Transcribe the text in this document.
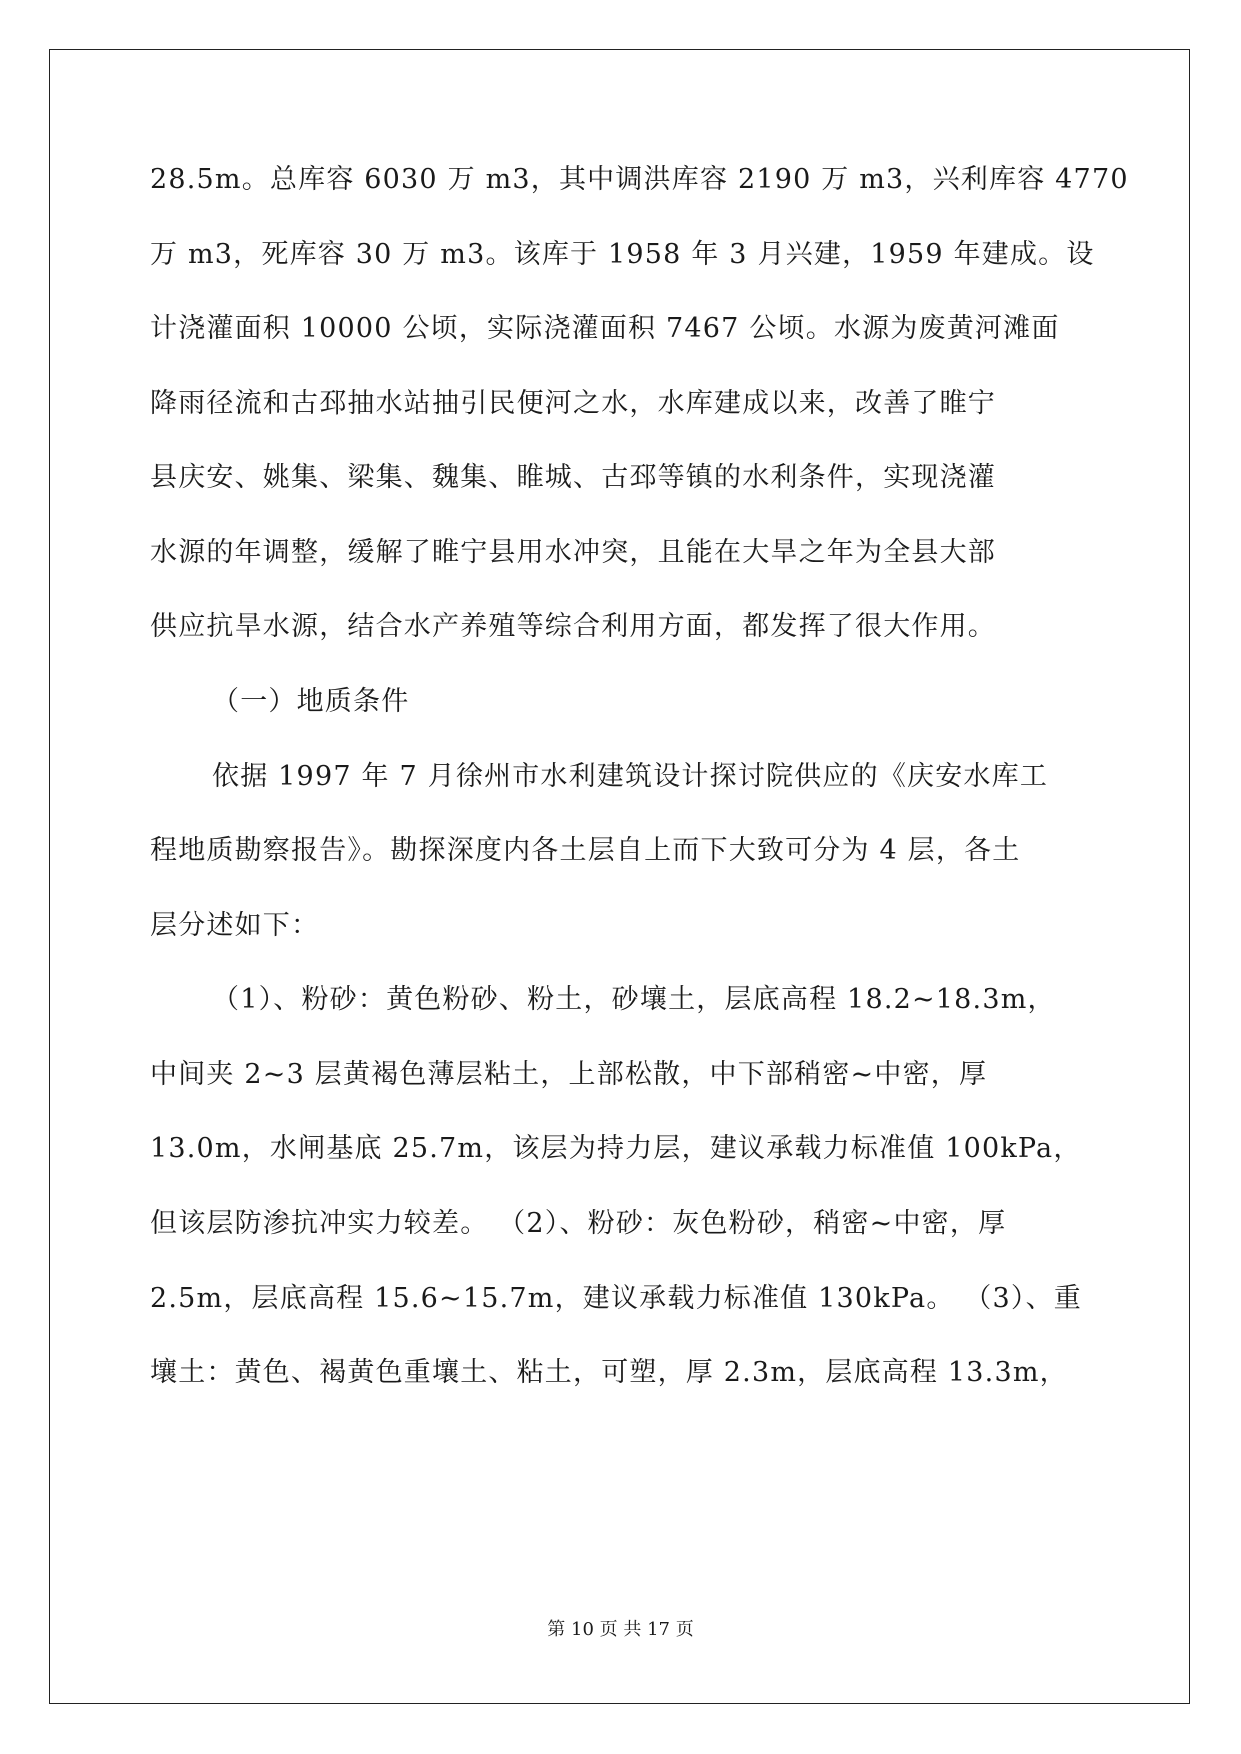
28.5m。总库容 6030 万 m3，其中调洪库容 2190 万 m3，兴利库容 4770
万 m3，死库容 30 万 m3。该库于 1958 年 3 月兴建，1959 年建成。设
计浇灌面积 10000 公顷，实际浇灌面积 7467 公顷。水源为废黄河滩面
降雨径流和古邳抽水站抽引民便河之水，水库建成以来，改善了睢宁
县庆安、姚集、梁集、魏集、睢城、古邳等镇的水利条件，实现浇灌
水源的年调整，缓解了睢宁县用水冲突，且能在大旱之年为全县大部
供应抗旱水源，结合水产养殖等综合利用方面，都发挥了很大作用。
（一）地质条件
依据 1997 年 7 月徐州市水利建筑设计探讨院供应的《庆安水库工
程地质勘察报告》。勘探深度内各土层自上而下大致可分为 4 层，各土
层分述如下：
（1）、粉砂：黄色粉砂、粉土，砂壤土，层底高程 18.2~18.3m，
中间夹 2~3 层黄褐色薄层粘土，上部松散，中下部稍密~中密，厚
13.0m，水闸基底 25.7m，该层为持力层，建议承载力标准值 100kPa，
但该层防渗抗冲实力较差。 （2）、粉砂：灰色粉砂，稍密~中密，厚
2.5m，层底高程 15.6~15.7m，建议承载力标准值 130kPa。 （3）、重
壤土：黄色、褐黄色重壤土、粘土，可塑，厚 2.3m，层底高程 13.3m，
第 10 页 共 17 页
